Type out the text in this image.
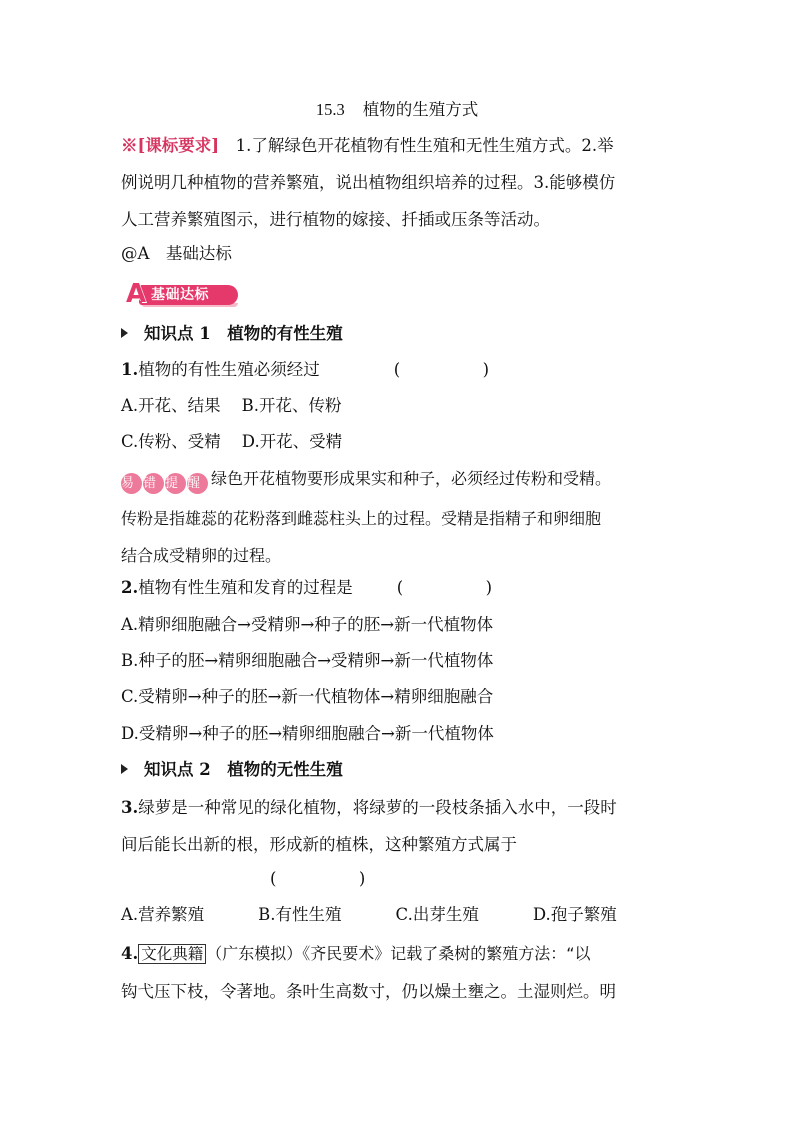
15.3 植物的生殖方式
※[课标要求]　 1.了解绿色开花植物有性生殖和无性生殖方式。2.举
例说明几种植物的营养繁殖，说出植物组织培养的过程。3.能够模仿
人工营养繁殖图示，进行植物的嫁接、扦插或压条等活动。
@A　基础达标
基础达标
A
知识点 1　植物的有性生殖
1.植物的有性生殖必须经过	(　　　　　)
A.开花、结果 B.开花、传粉
C.传粉、受精 D.开花、受精
易 错 提 醒 绿色开花植物要形成果实和种子，必须经过传粉和受精。
传粉是指雄蕊的花粉落到雌蕊柱头上的过程。受精是指精子和卵细胞
结合成受精卵的过程。
2.植物有性生殖和发育的过程是	(　　　　　)
A.精卵细胞融合→受精卵→种子的胚→新一代植物体
B.种子的胚→精卵细胞融合→受精卵→新一代植物体
C.受精卵→种子的胚→新一代植物体→精卵细胞融合
D.受精卵→种子的胚→精卵细胞融合→新一代植物体
知识点 2　植物的无性生殖
3.绿萝是一种常见的绿化植物，将绿萝的一段枝条插入水中，一段时
间后能长出新的根，形成新的植株，这种繁殖方式属于
(　　　　　)
A.营养繁殖	B.有性生殖	C.出芽生殖	D.孢子繁殖
4. 文化典籍 （广东模拟）《齐民要术》记载了桑树的繁殖方法：“以
钩弋压下枝，令著地。条叶生高数寸，仍以燥土壅之。土湿则烂。明
